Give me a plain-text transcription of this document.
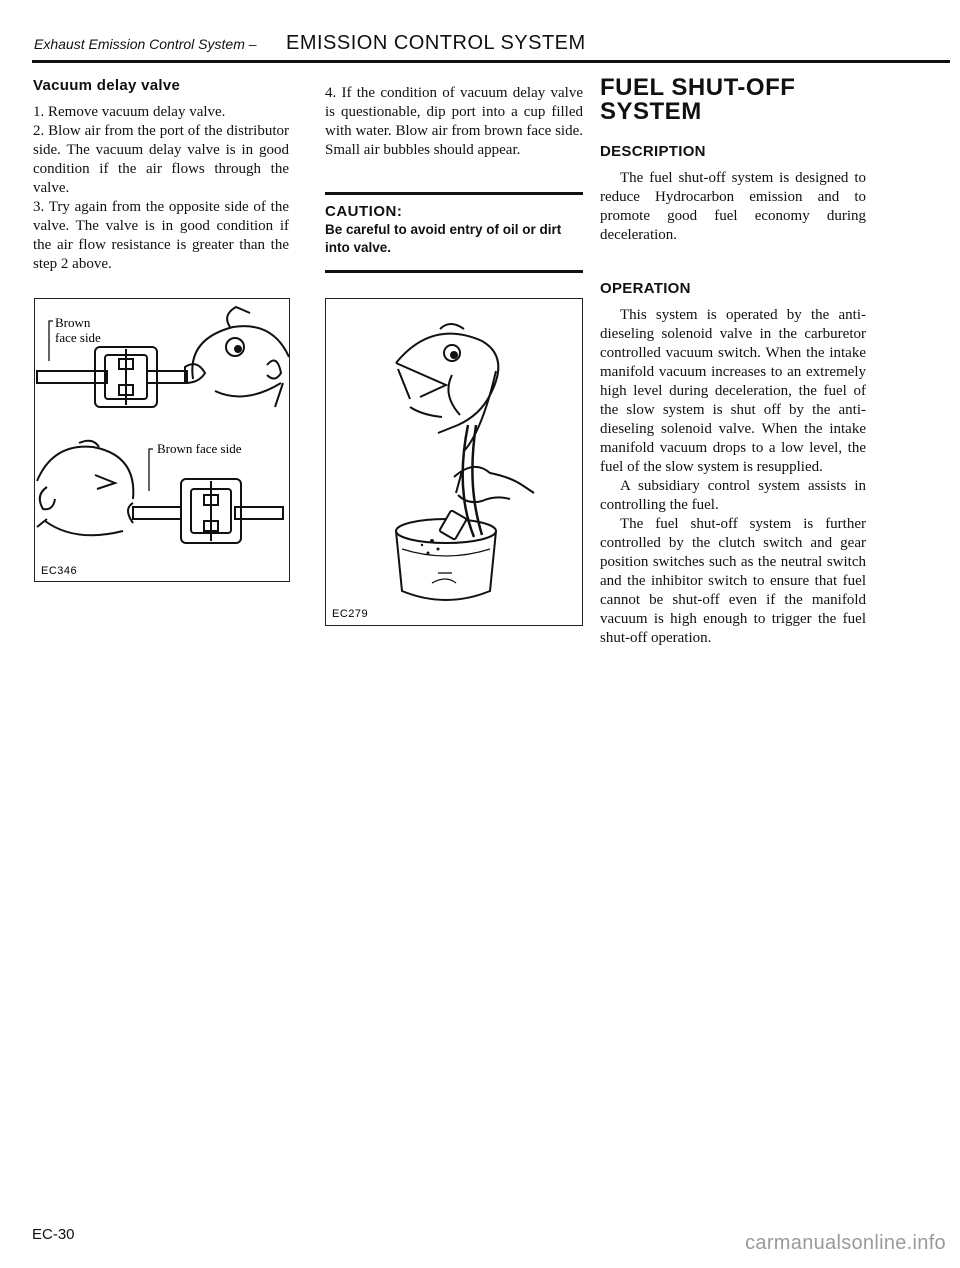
Exhaust Emission Control System – EMISSION CONTROL SYSTEM
Vacuum delay valve

1. Remove vacuum delay valve.

2. Blow air from the port of the distributor side. The vacuum delay valve is in good condition if the air flows through the valve.

3. Try again from the opposite side of the valve. The valve is in good condition if the air flow resistance is greater than the step 2 above.

Brown
face side
Brown face side
EC346

4. If the condition of vacuum delay valve is questionable, dip port into a cup filled with water. Blow air from brown face side. Small air bubbles should appear.

CAUTION:
Be careful to avoid entry of oil or dirt into valve.
EC279
FUEL SHUT-OFF
SYSTEM
DESCRIPTION

The fuel shut-off system is designed to reduce Hydrocarbon emission and to promote good fuel economy during deceleration.

OPERATION

This system is operated by the anti-dieseling solenoid valve in the carburetor controlled vacuum switch. When the intake manifold vacuum increases to an extremely high level during deceleration, the fuel of the slow system is shut off by the anti-dieseling solenoid valve. When the intake manifold vacuum drops to a low level, the fuel of the slow system is resupplied.

A subsidiary control system assists in controlling the fuel.

The fuel shut-off system is further controlled by the clutch switch and gear position switches such as the neutral switch and the inhibitor switch to ensure that fuel cannot be shut-off even if the manifold vacuum is high enough to trigger the fuel shut-off operation.

EC-30	carmanualsonline.info
